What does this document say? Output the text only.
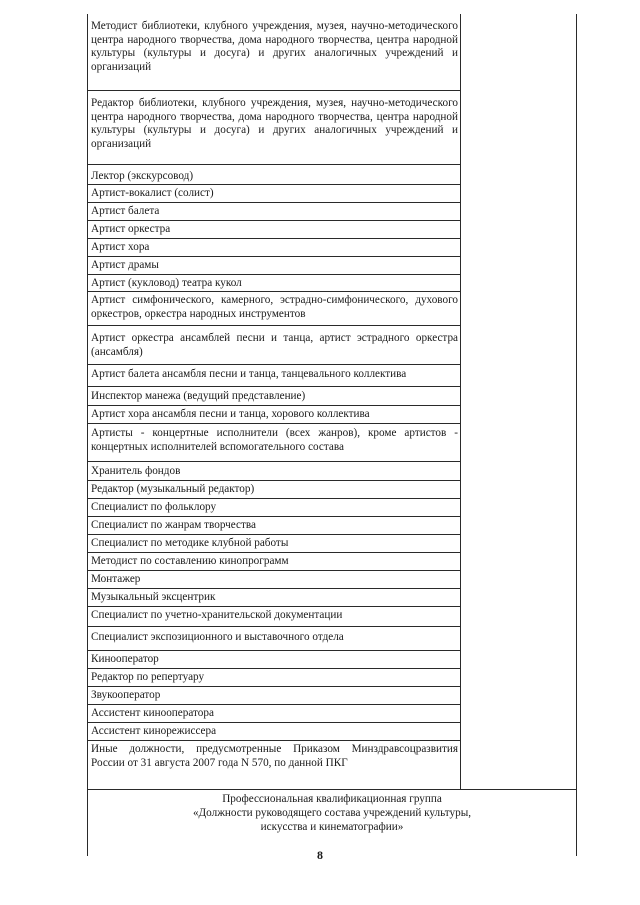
Методист библиотеки, клубного учреждения, музея, научно-методического центра народного творчества, дома народного творчества, центра народной культуры (культуры и досуга) и других аналогичных учреждений и организаций
Редактор библиотеки, клубного учреждения, музея, научно-методического центра народного творчества, дома народного творчества, центра народной культуры (культуры и досуга) и других аналогичных учреждений и организаций
Лектор (экскурсовод)
Артист-вокалист (солист)
Артист балета
Артист оркестра
Артист хора
Артист драмы
Артист (кукловод) театра кукол
Артист симфонического, камерного, эстрадно-симфонического, духового оркестров, оркестра народных инструментов
Артист оркестра ансамблей песни и танца, артист эстрадного оркестра (ансамбля)
Артист балета ансамбля песни и танца, танцевального коллектива
Инспектор манежа (ведущий представление)
Артист хора ансамбля песни и танца, хорового коллектива
Артисты - концертные исполнители (всех жанров), кроме артистов - концертных исполнителей вспомогательного состава
Хранитель фондов
Редактор (музыкальный редактор)
Специалист по фольклору
Специалист по жанрам творчества
Специалист по методике клубной работы
Методист по составлению кинопрограмм
Монтажер
Музыкальный эксцентрик
Специалист по учетно-хранительской документации
Специалист экспозиционного и выставочного отдела
Кинооператор
Редактор по репертуару
Звукооператор
Ассистент кинооператора
Ассистент кинорежиссера
Иные должности, предусмотренные Приказом Минздравсоцразвития России от 31 августа 2007 года N 570, по данной ПКГ
Профессиональная квалификационная группа
«Должности руководящего состава учреждений культуры,
искусства и кинематографии»
8
